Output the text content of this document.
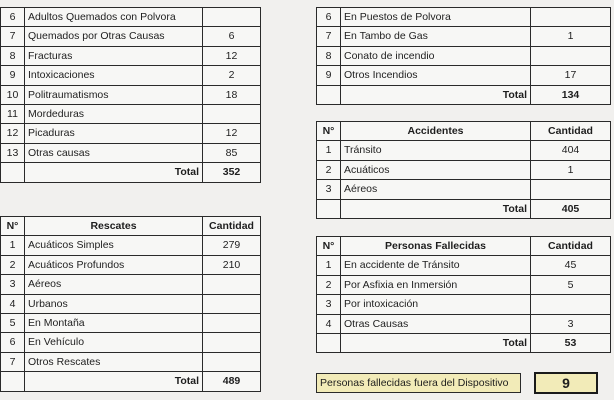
6	Adultos Quemados con Polvora	
7	Quemados por Otras Causas	6
8	Fracturas	12
9	Intoxicaciones	2
10	Politraumatismos	18
11	Mordeduras	
12	Picaduras	12
13	Otras causas	85
	Total	352
6	En Puestos de Polvora	
7	En Tambo de Gas	1
8	Conato de incendio	
9	Otros Incendios	17
	Total	134
N°	Accidentes	Cantidad
1	Tránsito	404
2	Acuáticos	1
3	Aéreos	
	Total	405
N°	Rescates	Cantidad
1	Acuáticos Simples	279
2	Acuáticos Profundos	210
3	Aéreos	
4	Urbanos	
5	En Montaña	
6	En Vehículo	
7	Otros Rescates	
	Total	489
N°	Personas Fallecidas	Cantidad
1	En accidente de Tránsito	45
2	Por Asfixia en Inmersión	5
3	Por intoxicación	
4	Otras Causas	3
	Total	53
Personas fallecidas fuera del Dispositivo	9
